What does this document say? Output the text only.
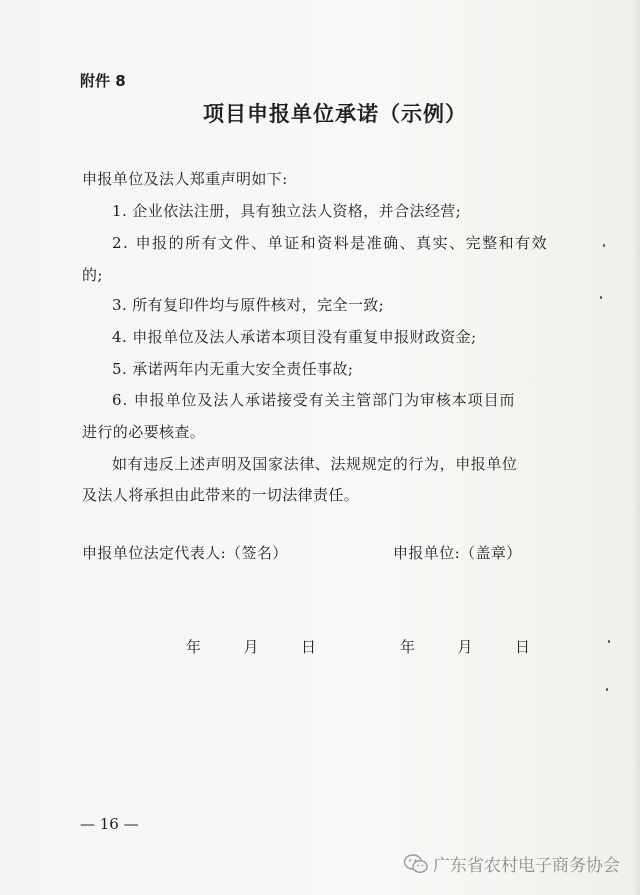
附件 8
项目申报单位承诺（示例）
申报单位及法人郑重声明如下:
1. 企业依法注册，具有独立法人资格，并合法经营;
2. 申报的所有文件、单证和资料是准确、真实、完整和有效
的;
3. 所有复印件均与原件核对，完全一致;
4. 申报单位及法人承诺本项目没有重复申报财政资金;
5. 承诺两年内无重大安全责任事故;
6. 申报单位及法人承诺接受有关主管部门为审核本项目而
进行的必要核查。
如有违反上述声明及国家法律、法规规定的行为，申报单位
及法人将承担由此带来的一切法律责任。
申报单位法定代表人:（签名）	申报单位:（盖章）
年	月	日	年	月	日
— 16 —
广东省农村电子商务协会
